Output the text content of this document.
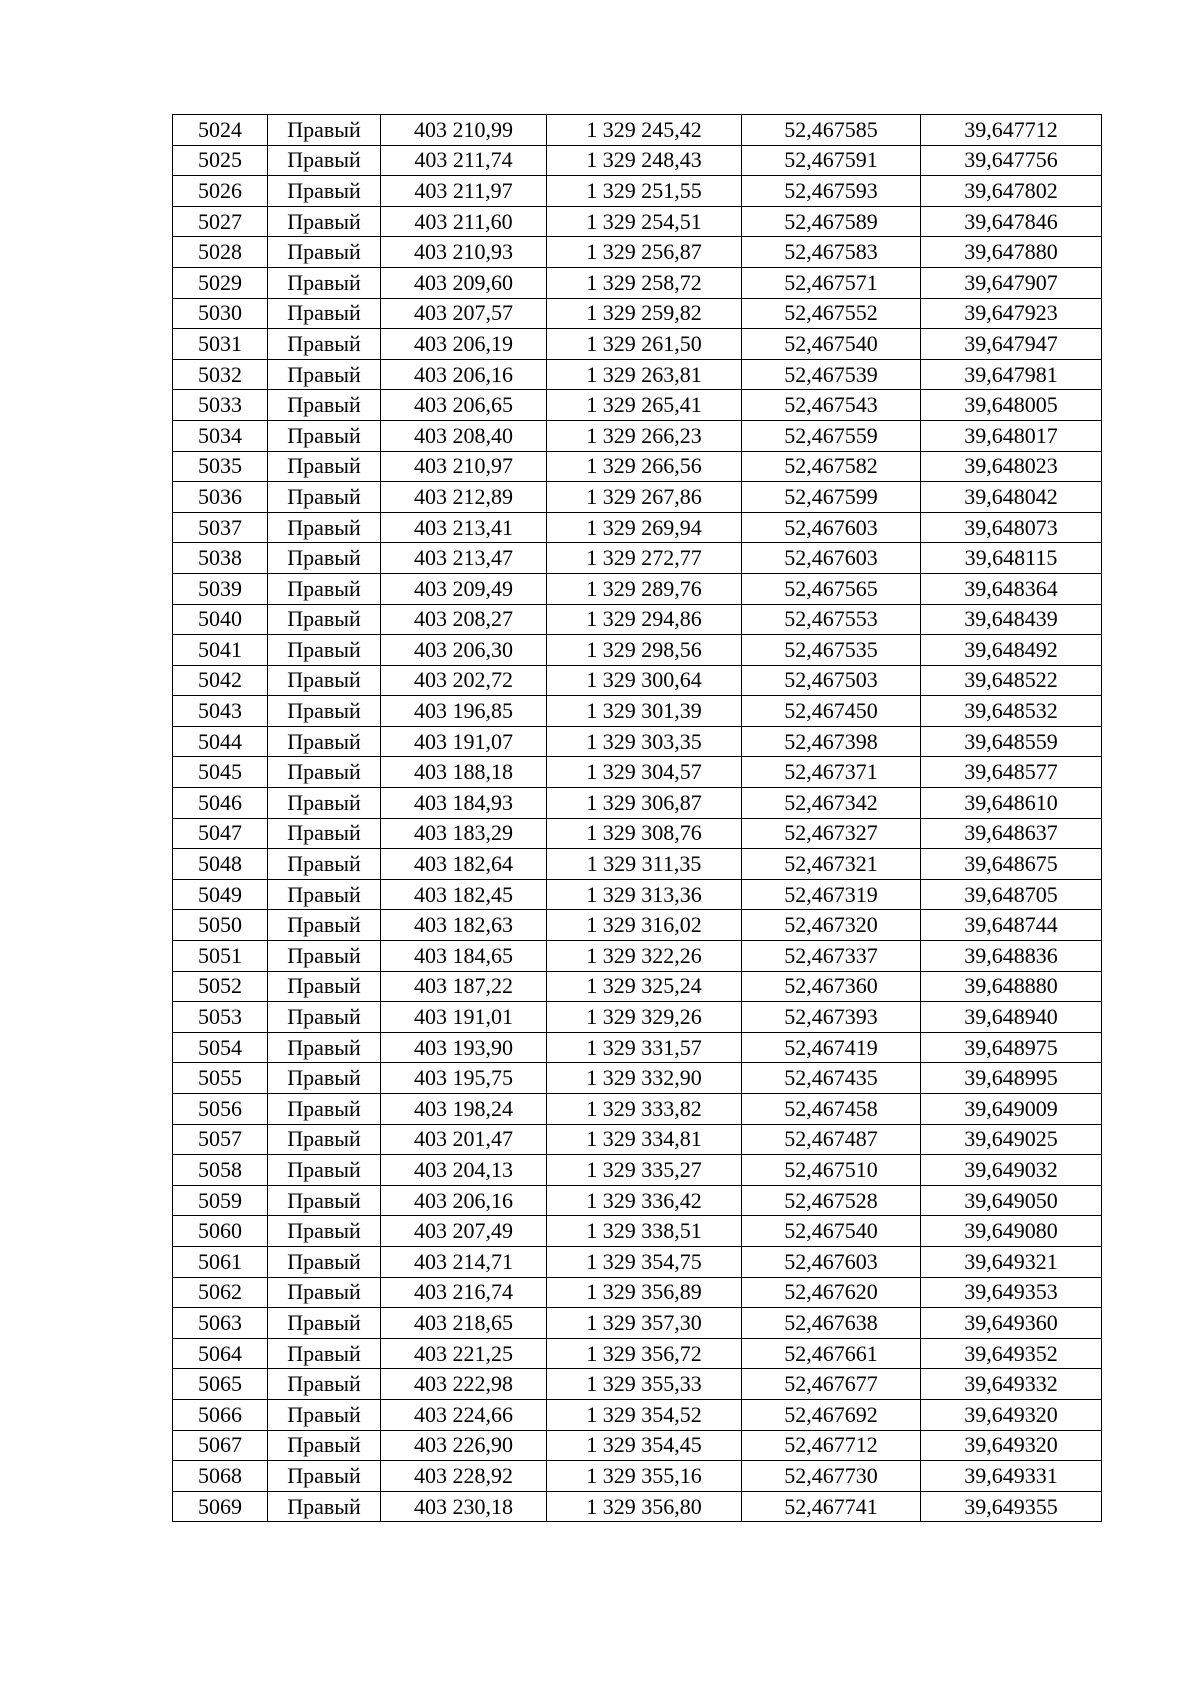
5024	Правый	403 210,99	1 329 245,42	52,467585	39,647712
5025	Правый	403 211,74	1 329 248,43	52,467591	39,647756
5026	Правый	403 211,97	1 329 251,55	52,467593	39,647802
5027	Правый	403 211,60	1 329 254,51	52,467589	39,647846
5028	Правый	403 210,93	1 329 256,87	52,467583	39,647880
5029	Правый	403 209,60	1 329 258,72	52,467571	39,647907
5030	Правый	403 207,57	1 329 259,82	52,467552	39,647923
5031	Правый	403 206,19	1 329 261,50	52,467540	39,647947
5032	Правый	403 206,16	1 329 263,81	52,467539	39,647981
5033	Правый	403 206,65	1 329 265,41	52,467543	39,648005
5034	Правый	403 208,40	1 329 266,23	52,467559	39,648017
5035	Правый	403 210,97	1 329 266,56	52,467582	39,648023
5036	Правый	403 212,89	1 329 267,86	52,467599	39,648042
5037	Правый	403 213,41	1 329 269,94	52,467603	39,648073
5038	Правый	403 213,47	1 329 272,77	52,467603	39,648115
5039	Правый	403 209,49	1 329 289,76	52,467565	39,648364
5040	Правый	403 208,27	1 329 294,86	52,467553	39,648439
5041	Правый	403 206,30	1 329 298,56	52,467535	39,648492
5042	Правый	403 202,72	1 329 300,64	52,467503	39,648522
5043	Правый	403 196,85	1 329 301,39	52,467450	39,648532
5044	Правый	403 191,07	1 329 303,35	52,467398	39,648559
5045	Правый	403 188,18	1 329 304,57	52,467371	39,648577
5046	Правый	403 184,93	1 329 306,87	52,467342	39,648610
5047	Правый	403 183,29	1 329 308,76	52,467327	39,648637
5048	Правый	403 182,64	1 329 311,35	52,467321	39,648675
5049	Правый	403 182,45	1 329 313,36	52,467319	39,648705
5050	Правый	403 182,63	1 329 316,02	52,467320	39,648744
5051	Правый	403 184,65	1 329 322,26	52,467337	39,648836
5052	Правый	403 187,22	1 329 325,24	52,467360	39,648880
5053	Правый	403 191,01	1 329 329,26	52,467393	39,648940
5054	Правый	403 193,90	1 329 331,57	52,467419	39,648975
5055	Правый	403 195,75	1 329 332,90	52,467435	39,648995
5056	Правый	403 198,24	1 329 333,82	52,467458	39,649009
5057	Правый	403 201,47	1 329 334,81	52,467487	39,649025
5058	Правый	403 204,13	1 329 335,27	52,467510	39,649032
5059	Правый	403 206,16	1 329 336,42	52,467528	39,649050
5060	Правый	403 207,49	1 329 338,51	52,467540	39,649080
5061	Правый	403 214,71	1 329 354,75	52,467603	39,649321
5062	Правый	403 216,74	1 329 356,89	52,467620	39,649353
5063	Правый	403 218,65	1 329 357,30	52,467638	39,649360
5064	Правый	403 221,25	1 329 356,72	52,467661	39,649352
5065	Правый	403 222,98	1 329 355,33	52,467677	39,649332
5066	Правый	403 224,66	1 329 354,52	52,467692	39,649320
5067	Правый	403 226,90	1 329 354,45	52,467712	39,649320
5068	Правый	403 228,92	1 329 355,16	52,467730	39,649331
5069	Правый	403 230,18	1 329 356,80	52,467741	39,649355
